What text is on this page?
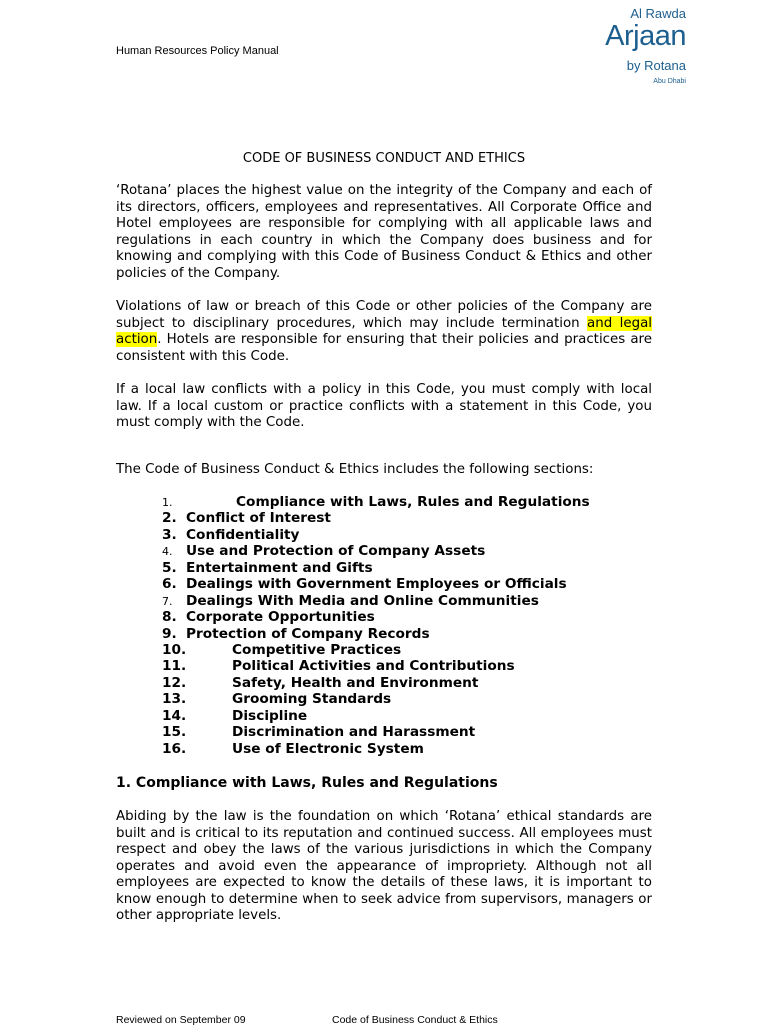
Human Resources Policy Manual
Al Rawda
Arjaan
by Rotana
Abu Dhabi
CODE OF BUSINESS CONDUCT AND ETHICS

‘Rotana’ places the highest value on the integrity of the Company and each of its directors, officers, employees and representatives. All Corporate Office and Hotel employees are responsible for complying with all applicable laws and regulations in each country in which the Company does business and for knowing and complying with this Code of Business Conduct & Ethics and other policies of the Company.

Violations of law or breach of this Code or other policies of the Company are subject to disciplinary procedures, which may include termination and legal action. Hotels are responsible for ensuring that their policies and practices are consistent with this Code.

If a local law conflicts with a policy in this Code, you must comply with local law. If a local custom or practice conflicts with a statement in this Code, you must comply with the Code.

The Code of Business Conduct & Ethics includes the following sections:

1.	Compliance with Laws, Rules and Regulations
2. Conflict of Interest
3. Confidentiality
4. Use and Protection of Company Assets
5. Entertainment and Gifts
6. Dealings with Government Employees or Officials
7. Dealings With Media and Online Communities
8. Corporate Opportunities
9. Protection of Company Records
10.	Competitive Practices
11.	Political Activities and Contributions
12.	Safety, Health and Environment
13.	Grooming Standards
14.	Discipline
15.	Discrimination and Harassment
16.	Use of Electronic System

1. Compliance with Laws, Rules and Regulations

Abiding by the law is the foundation on which ‘Rotana’ ethical standards are built and is critical to its reputation and continued success. All employees must respect and obey the laws of the various jurisdictions in which the Company operates and avoid even the appearance of impropriety. Although not all employees are expected to know the details of these laws, it is important to know enough to determine when to seek advice from supervisors, managers or other appropriate levels.

Reviewed on September 09	Code of Business Conduct & Ethics
